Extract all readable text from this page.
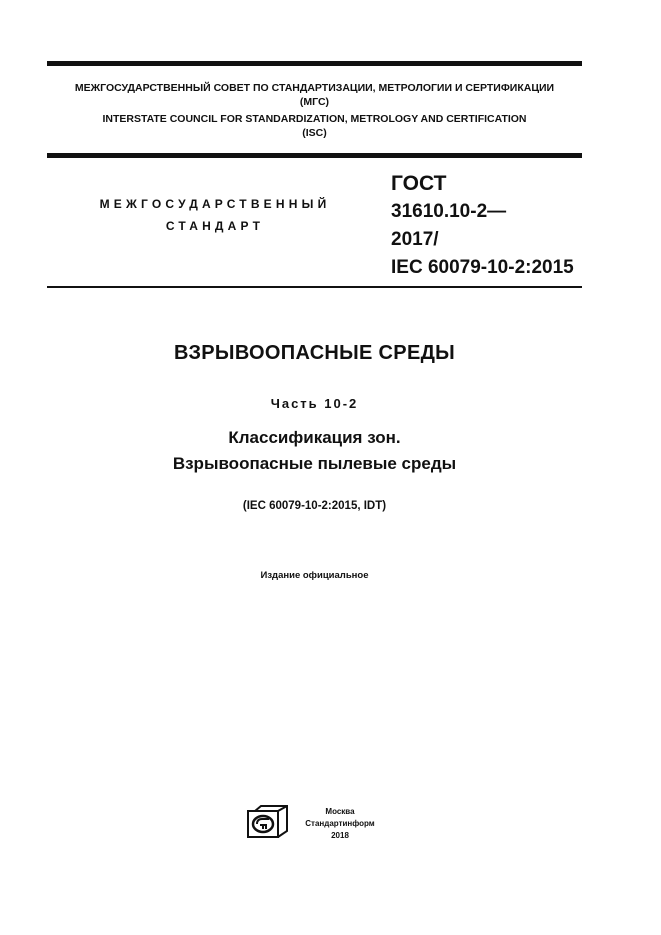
МЕЖГОСУДАРСТВЕННЫЙ СОВЕТ ПО СТАНДАРТИЗАЦИИ, МЕТРОЛОГИИ И СЕРТИФИКАЦИИ
(МГС)
INTERSTATE COUNCIL FOR STANDARDIZATION, METROLOGY AND CERTIFICATION
(ISC)
МЕЖГОСУДАРСТВЕННЫЙ
СТАНДАРТ
ГОСТ
31610.10-2—
2017/
IEC 60079-10-2:2015
ВЗРЫВООПАСНЫЕ СРЕДЫ
Часть 10-2
Классификация зон.
Взрывоопасные пылевые среды
(IEC 60079-10-2:2015, IDT)
Издание официальное
Москва
Стандартинформ
2018
